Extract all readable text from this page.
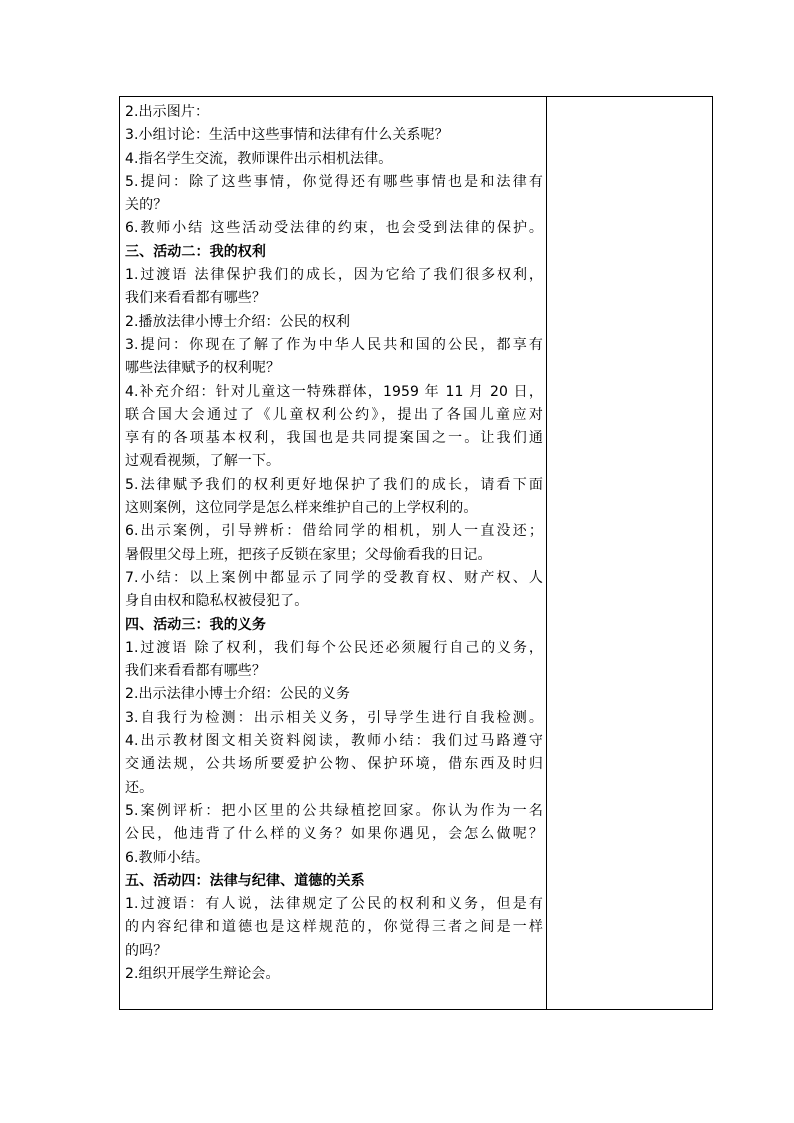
2.出示图片：
3.小组讨论：生活中这些事情和法律有什么关系呢？
4.指名学生交流，教师课件出示相机法律。
5.提问：除了这些事情，你觉得还有哪些事情也是和法律有
关的？
6.教师小结 这些活动受法律的约束，也会受到法律的保护。
三、活动二：我的权利
1.过渡语 法律保护我们的成长，因为它给了我们很多权利，
我们来看看都有哪些？
2.播放法律小博士介绍：公民的权利
3.提问：你现在了解了作为中华人民共和国的公民，都享有
哪些法律赋予的权利呢？
4.补充介绍：针对儿童这一特殊群体，1959 年 11 月 20 日，
联合国大会通过了《儿童权利公约》，提出了各国儿童应对
享有的各项基本权利，我国也是共同提案国之一。让我们通
过观看视频，了解一下。
5.法律赋予我们的权利更好地保护了我们的成长，请看下面
这则案例，这位同学是怎么样来维护自己的上学权利的。
6.出示案例，引导辨析：借给同学的相机，别人一直没还；
暑假里父母上班，把孩子反锁在家里；父母偷看我的日记。
7.小结：以上案例中都显示了同学的受教育权、财产权、人
身自由权和隐私权被侵犯了。
四、活动三：我的义务
1.过渡语 除了权利，我们每个公民还必须履行自己的义务，
我们来看看都有哪些？
2.出示法律小博士介绍：公民的义务
3.自我行为检测：出示相关义务，引导学生进行自我检测。
4.出示教材图文相关资料阅读，教师小结：我们过马路遵守
交通法规，公共场所要爱护公物、保护环境，借东西及时归
还。
5.案例评析：把小区里的公共绿植挖回家。你认为作为一名
公民，他违背了什么样的义务？如果你遇见，会怎么做呢？
6.教师小结。
五、活动四：法律与纪律、道德的关系
1.过渡语：有人说，法律规定了公民的权利和义务，但是有
的内容纪律和道德也是这样规范的，你觉得三者之间是一样
的吗？
2.组织开展学生辩论会。
